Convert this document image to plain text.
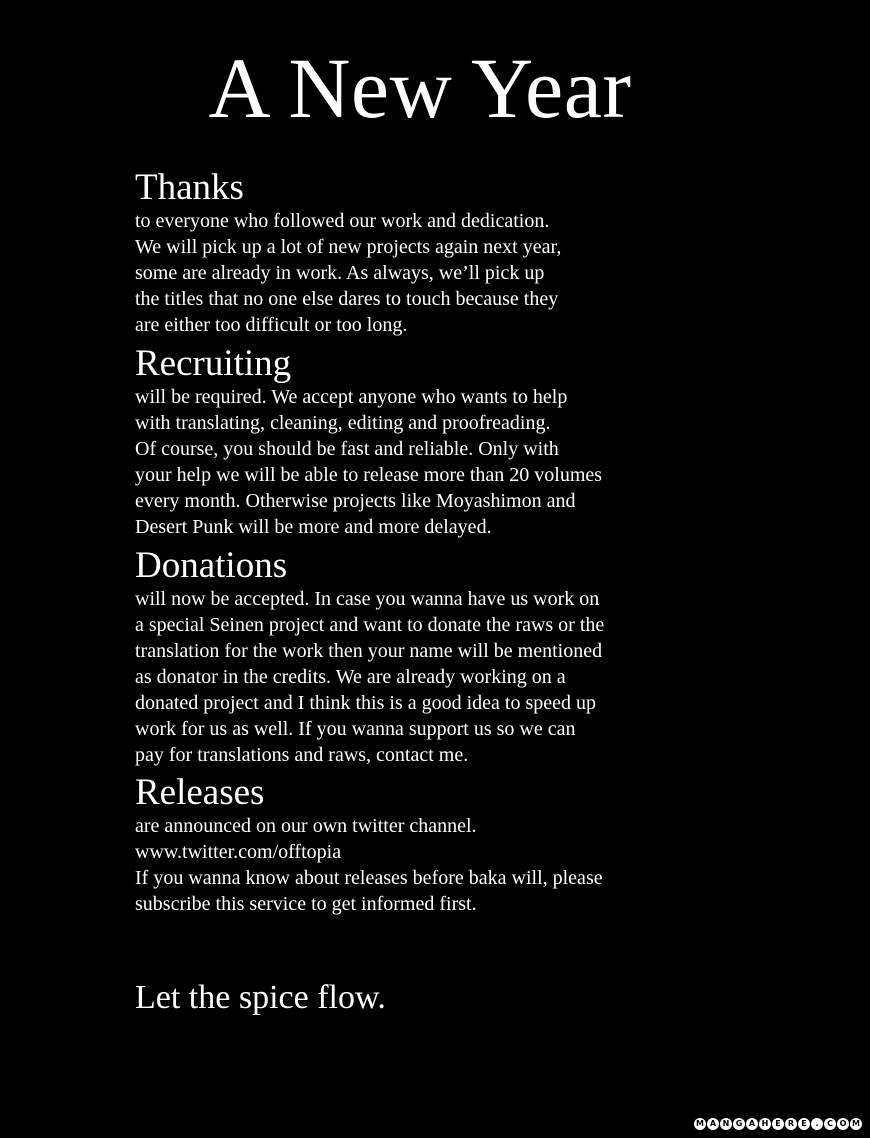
A New Year
Thanks
to everyone who followed our work and dedication.
We will pick up a lot of new projects again next year,
some are already in work. As always, we’ll pick up
the titles that no one else dares to touch because they
are either too difficult or too long.
Recruiting
will be required. We accept anyone who wants to help
with translating, cleaning, editing and proofreading.
Of course, you should be fast and reliable. Only with
your help we will be able to release more than 20 volumes
every month. Otherwise projects like Moyashimon and
Desert Punk will be more and more delayed.
Donations
will now be accepted. In case you wanna have us work on
a special Seinen project and want to donate the raws or the
translation for the work then your name will be mentioned
as donator in the credits. We are already working on a
donated project and I think this is a good idea to speed up
work for us as well. If you wanna support us so we can
pay for translations and raws, contact me.
Releases
are announced on our own twitter channel.
www.twitter.com/offtopia
If you wanna know about releases before baka will, please
subscribe this service to get informed first.

Let the spice flow.

M A N G A H E R E	.	C O M
